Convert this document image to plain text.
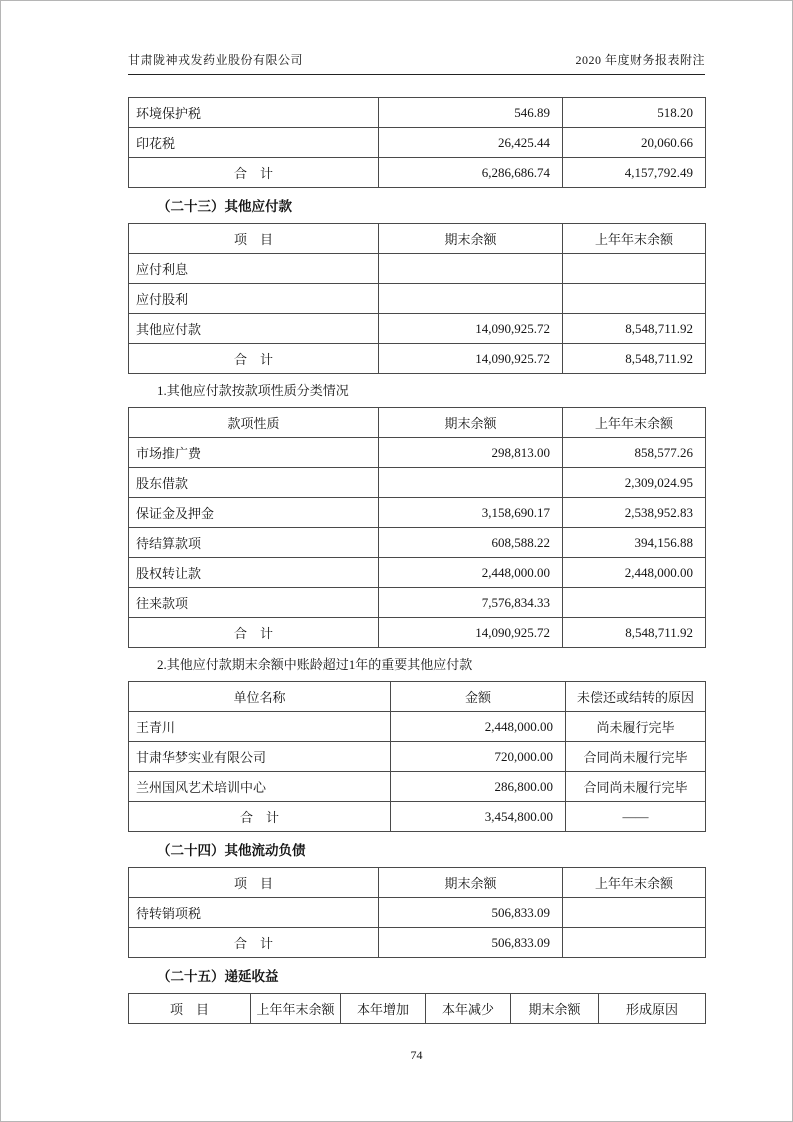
甘肃陇神戎发药业股份有限公司	2020 年度财务报表附注
环境保护税	546.89	518.20
印花税	26,425.44	20,060.66
合　计	6,286,686.74	4,157,792.49
（二十三）其他应付款
项　目	期末余额	上年年末余额
应付利息		
应付股利		
其他应付款	14,090,925.72	8,548,711.92
合　计	14,090,925.72	8,548,711.92
1.其他应付款按款项性质分类情况
款项性质	期末余额	上年年末余额
市场推广费	298,813.00	858,577.26
股东借款		2,309,024.95
保证金及押金	3,158,690.17	2,538,952.83
待结算款项	608,588.22	394,156.88
股权转让款	2,448,000.00	2,448,000.00
往来款项	7,576,834.33	
合　计	14,090,925.72	8,548,711.92
2.其他应付款期末余额中账龄超过1年的重要其他应付款
单位名称	金额	未偿还或结转的原因
王青川	2,448,000.00	尚未履行完毕
甘肃华梦实业有限公司	720,000.00	合同尚未履行完毕
兰州国风艺术培训中心	286,800.00	合同尚未履行完毕
合　计	3,454,800.00	——
（二十四）其他流动负债
项　目	期末余额	上年年末余额
待转销项税	506,833.09	
合　计	506,833.09	
（二十五）递延收益
项　目	上年年末余额	本年增加	本年减少	期末余额	形成原因
74
